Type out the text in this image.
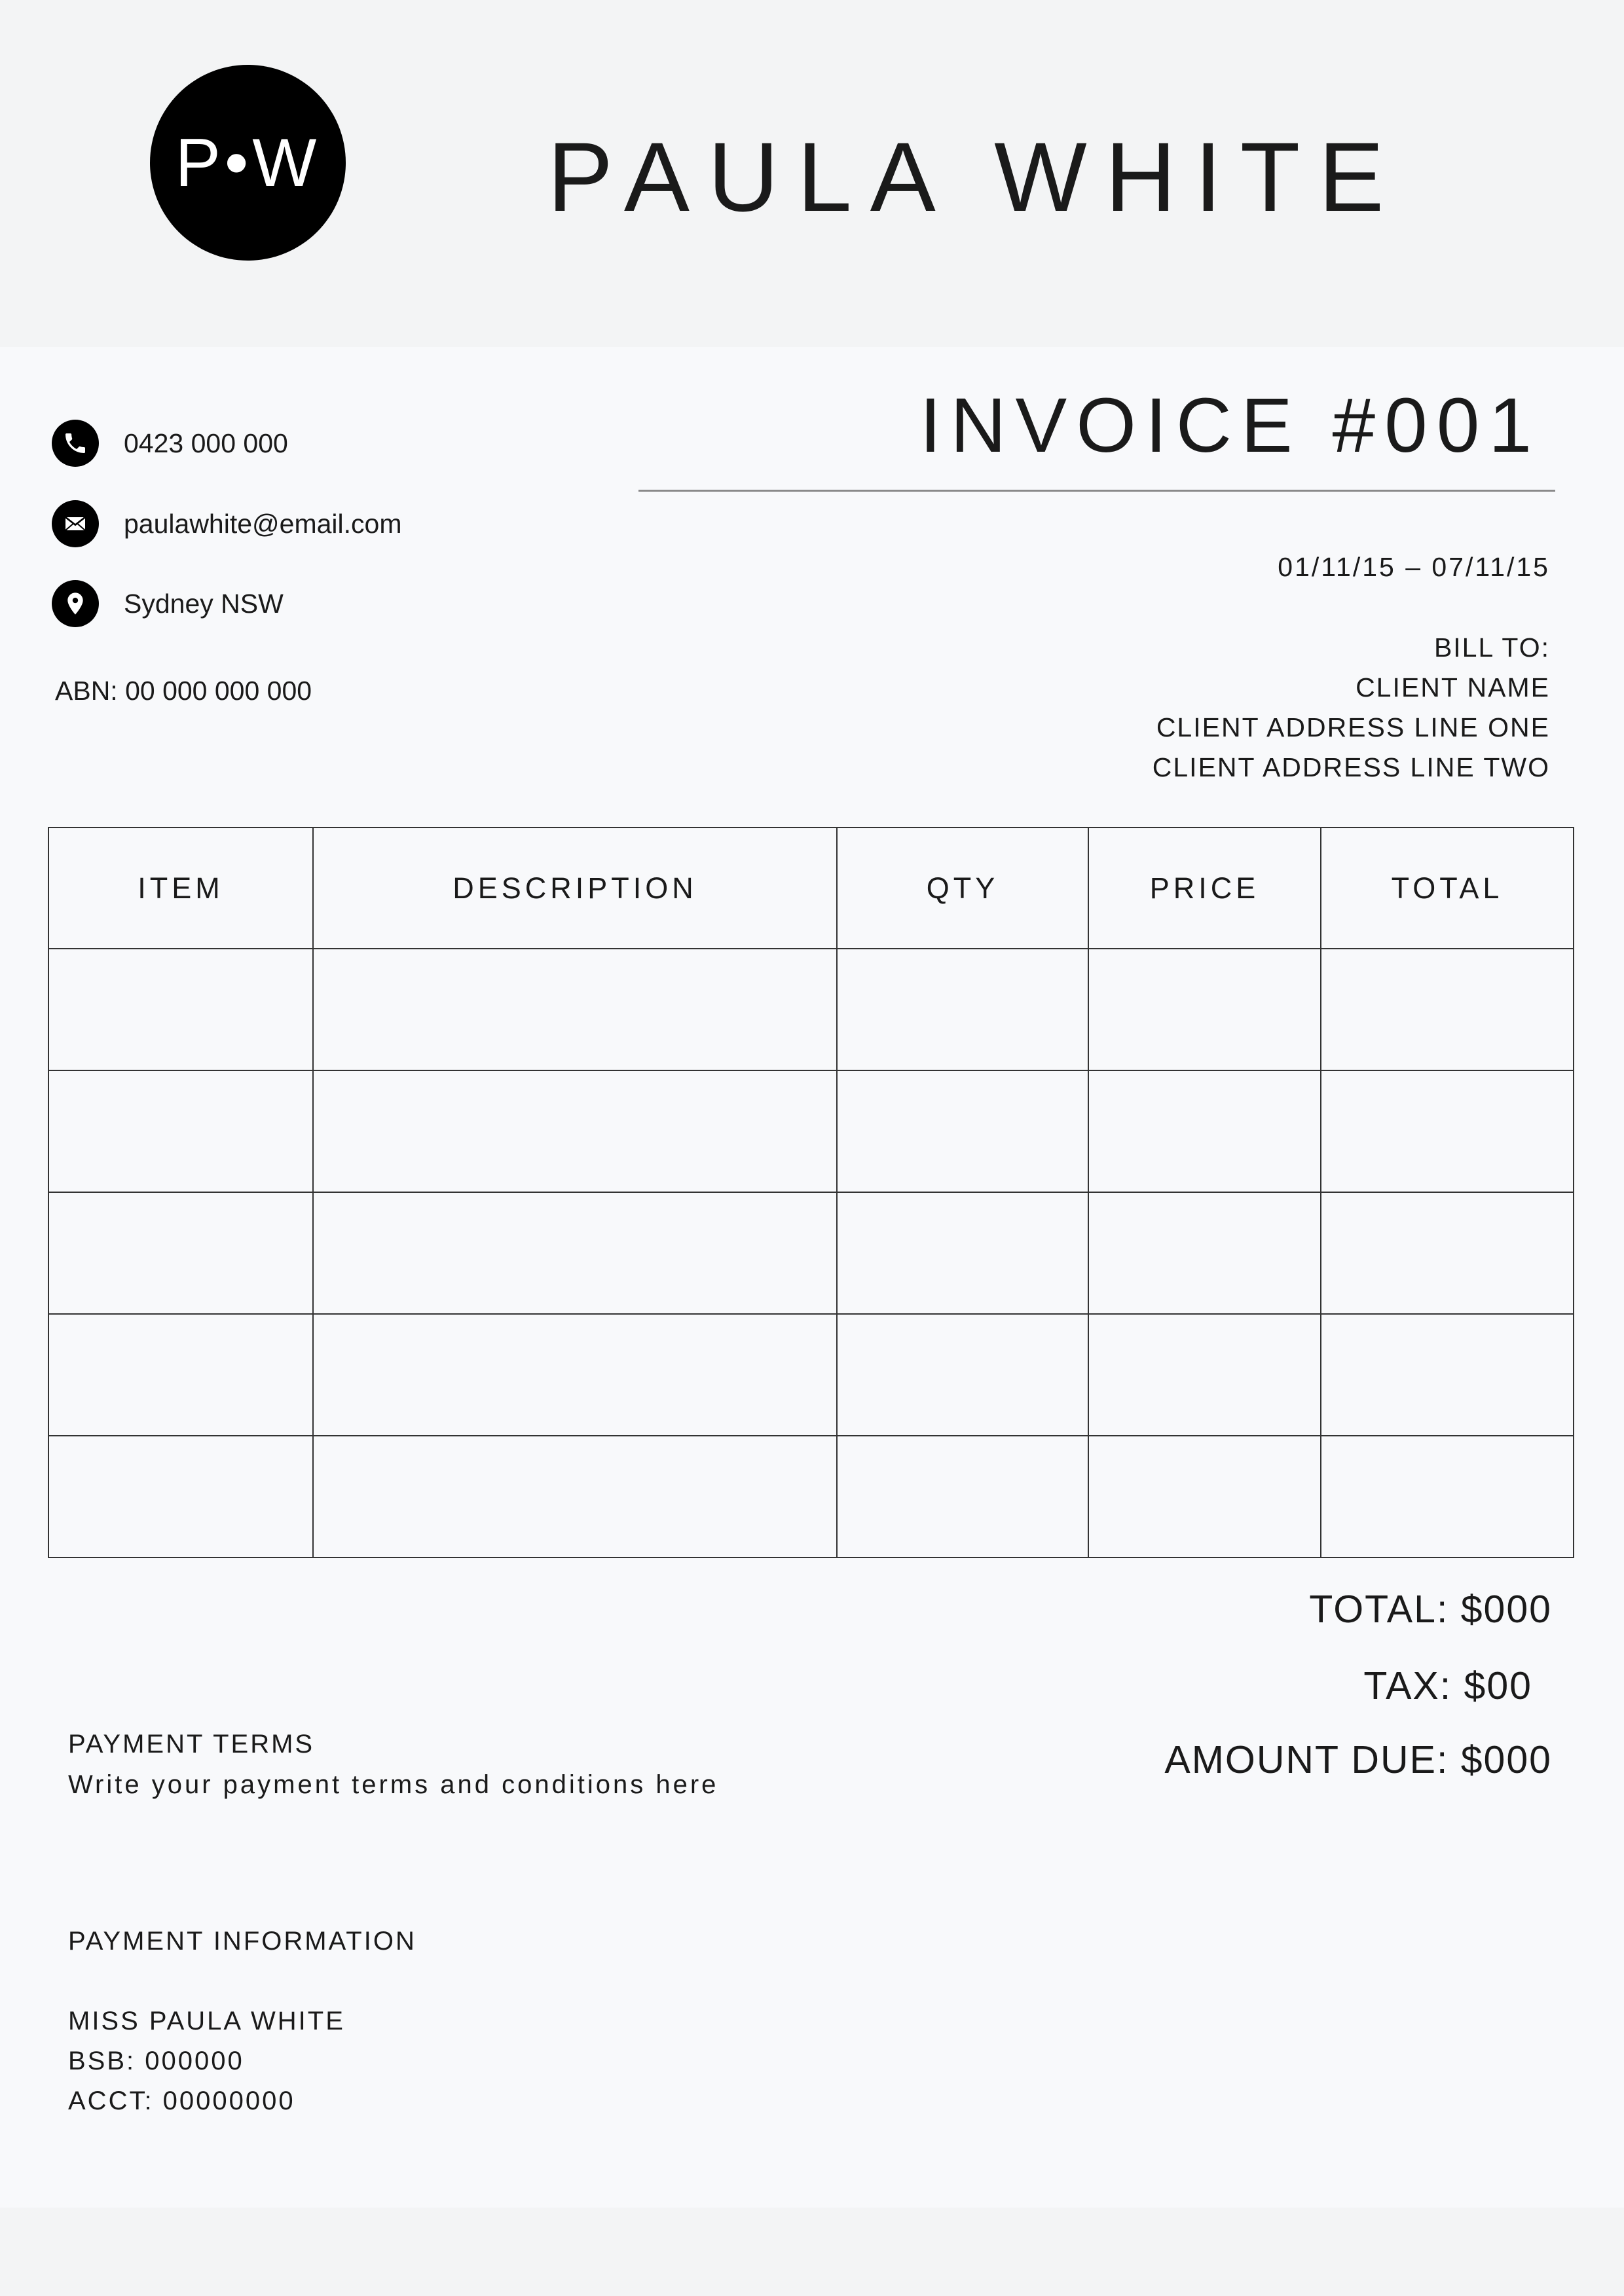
P•W PAULA WHITE
0423 000 000
paulawhite@email.com
Sydney NSW
ABN: 00 000 000 000
INVOICE #001
01/11/15 – 07/11/15
BILL TO:
CLIENT NAME
CLIENT ADDRESS LINE ONE
CLIENT ADDRESS LINE TWO
ITEM	DESCRIPTION	QTY	PRICE	TOTAL

TOTAL: $000
TAX: $00
AMOUNT DUE: $000
PAYMENT TERMS
Write your payment terms and conditions here
PAYMENT INFORMATION
MISS PAULA WHITE
BSB: 000000
ACCT: 00000000
